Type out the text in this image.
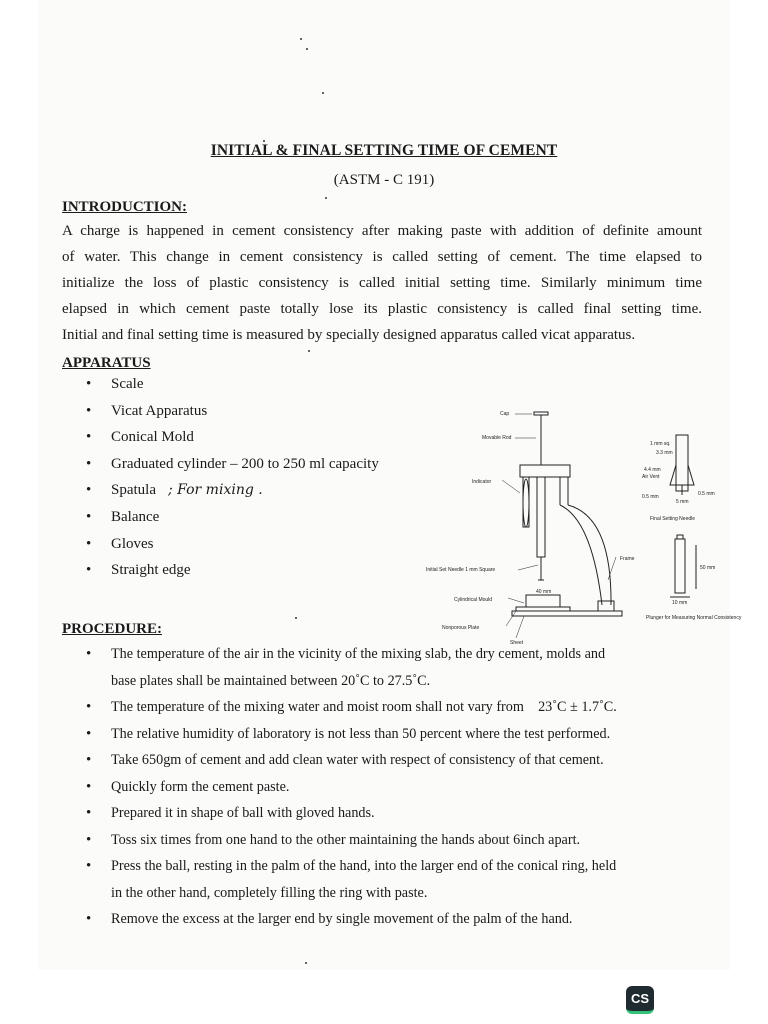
INITIAL & FINAL SETTING TIME OF CEMENT
(ASTM - C 191)
INTRODUCTION:
A charge is happened in cement consistency after making paste with addition of definite amount
of water. This change in cement consistency is called setting of cement. The time elapsed to
initialize the loss of plastic consistency is called initial setting time. Similarly minimum time
elapsed in which cement paste totally lose its plastic consistency is called final setting time.
Initial and final setting time is measured by specially designed apparatus called vicat apparatus.
APPARATUS
• Scale
• Vicat Apparatus
• Conical Mold
• Graduated cylinder – 200 to 250 ml capacity
• Spatula ; For mixing .
• Balance
• Gloves
• Straight edge
Cap
Movable Rod
Indicator
Initial Set Needle 1 mm Square
Cylindrical Mould
Nonporous Plate
Sheet
Frame
Final Setting Needle
Plunger for Measuring Normal Consistency
1 mm sq.
3.3 mm
4.4 mm
Air Vent
0.5 mm
5 mm
0.5 mm
50 mm
10 mm
40 mm
PROCEDURE:
• The temperature of the air in the vicinity of the mixing slab, the dry cement, molds and
base plates shall be maintained between 20˚C to 27.5˚C.
• The temperature of the mixing water and moist room shall not vary from    23˚C ± 1.7˚C.
• The relative humidity of laboratory is not less than 50 percent where the test performed.
• Take 650gm of cement and add clean water with respect of consistency of that cement.
• Quickly form the cement paste.
• Prepared it in shape of ball with gloved hands.
• Toss six times from one hand to the other maintaining the hands about 6inch apart.
• Press the ball, resting in the palm of the hand, into the larger end of the conical ring, held
in the other hand, completely filling the ring with paste.
• Remove the excess at the larger end by single movement of the palm of the hand.
CS
